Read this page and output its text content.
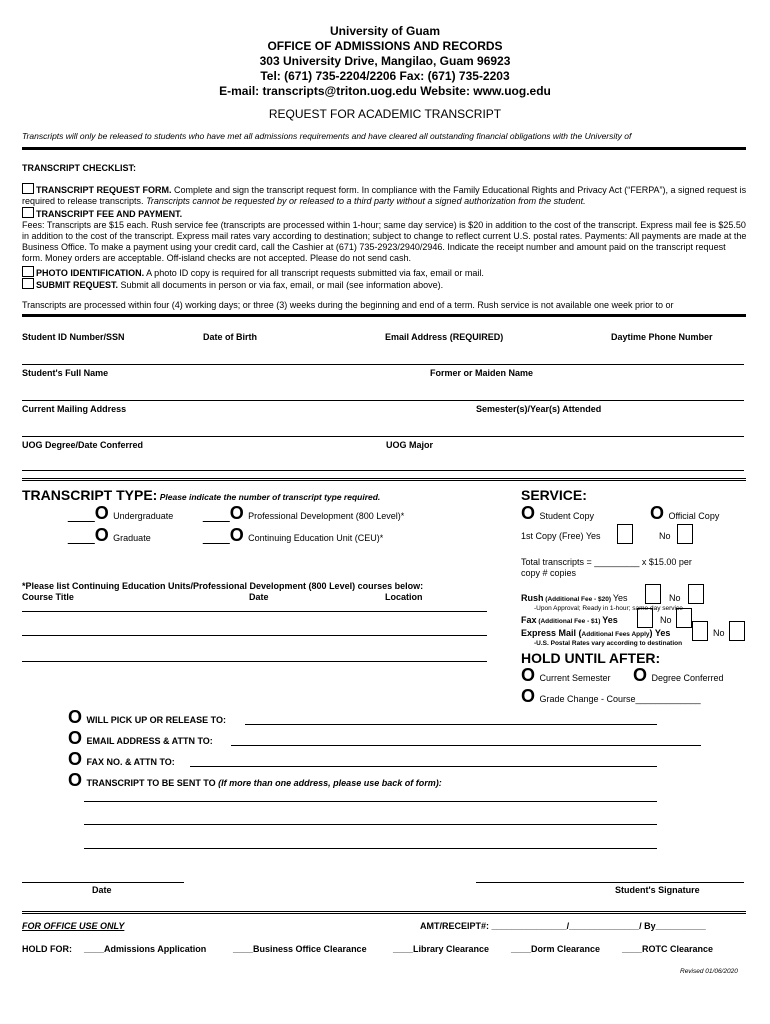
University of Guam
OFFICE OF ADMISSIONS AND RECORDS
303 University Drive, Mangilao, Guam 96923
Tel: (671) 735-2204/2206 Fax: (671) 735-2203
E-mail: transcripts@triton.uog.edu Website: www.uog.edu
REQUEST FOR ACADEMIC TRANSCRIPT
Transcripts will only be released to students who have met all admissions requirements and have cleared all outstanding financial obligations with the University of
TRANSCRIPT CHECKLIST:
TRANSCRIPT REQUEST FORM. Complete and sign the transcript request form. In compliance with the Family Educational Rights and Privacy Act (“FERPA”), a signed request is required to release transcripts. Transcripts cannot be requested by or released to a third party without a signed authorization from the student.
TRANSCRIPT FEE AND PAYMENT.
Fees: Transcripts are $15 each. Rush service fee (transcripts are processed within 1-hour; same day service) is $20 in addition to the cost of the transcript. Express mail fee is $25.50 in addition to the cost of the transcript. Express mail rates vary according to destination; subject to change to reflect current U.S. postal rates. Payments: All payments are made at the Business Office. To make a payment using your credit card, call the Cashier at (671) 735-2923/2940/2946. Indicate the receipt number and amount paid on the transcript request form. Money orders are acceptable. Off-island checks are not accepted. Please do not send cash.
PHOTO IDENTIFICATION. A photo ID copy is required for all transcript requests submitted via fax, email or mail.
SUBMIT REQUEST. Submit all documents in person or via fax, email, or mail (see information above).
Transcripts are processed within four (4) working days; or three (3) weeks during the beginning and end of a term. Rush service is not available one week prior to or
Student ID Number/SSN	Date of Birth	Email Address (REQUIRED)	Daytime Phone Number
Student's Full Name	Former or Maiden Name
Current Mailing Address	Semester(s)/Year(s) Attended
UOG Degree/Date Conferred	UOG Major
TRANSCRIPT TYPE: Please indicate the number of transcript type required.
___O Undergraduate ___O Professional Development (800 Level)*
___O Graduate	___O Continuing Education Unit (CEU)*
*Please list Continuing Education Units/Professional Development (800 Level) courses below:
Course Title	Date	Location
SERVICE:
O Student Copy	O Official Copy
1st Copy (Free) Yes	No
Total transcripts = _________ x $15.00 per
copy # copies
Rush (Additional Fee - $20) Yes	No
-Upon Approval; Ready in 1-hour; same day service
Fax (Additional Fee - $1) Yes	No
Express Mail (Additional Fees Apply) Yes	No
-U.S. Postal Rates vary according to destination
HOLD UNTIL AFTER:
O Current Semester O Degree Conferred
O Grade Change - Course_____________
O WILL PICK UP OR RELEASE TO:
O EMAIL ADDRESS & ATTN TO:
O FAX NO. & ATTN TO:
O TRANSCRIPT TO BE SENT TO (If more than one address, please use back of form):
Date	Student's Signature
FOR OFFICE USE ONLY	AMT/RECEIPT#: _______________/______________/ By__________
HOLD FOR: ____Admissions Application	____Business Office Clearance	____Library Clearance ____Dorm Clearance ____ROTC Clearance
Revised 01/06/2020
